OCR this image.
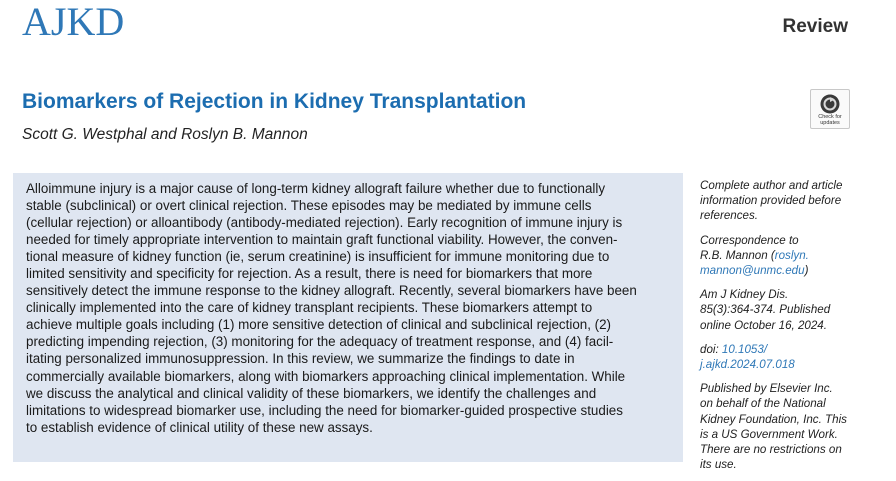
AJKD	Review
Biomarkers of Rejection in Kidney Transplantation
Scott G. Westphal and Roslyn B. Mannon
Check for
updates
Alloimmune injury is a major cause of long-term kidney allograft failure whether due to functionally
stable (subclinical) or overt clinical rejection. These episodes may be mediated by immune cells
(cellular rejection) or alloantibody (antibody-mediated rejection). Early recognition of immune injury is
needed for timely appropriate intervention to maintain graft functional viability. However, the conven-
tional measure of kidney function (ie, serum creatinine) is insufficient for immune monitoring due to
limited sensitivity and specificity for rejection. As a result, there is need for biomarkers that more
sensitively detect the immune response to the kidney allograft. Recently, several biomarkers have been
clinically implemented into the care of kidney transplant recipients. These biomarkers attempt to
achieve multiple goals including (1) more sensitive detection of clinical and subclinical rejection, (2)
predicting impending rejection, (3) monitoring for the adequacy of treatment response, and (4) facil-
itating personalized immunosuppression. In this review, we summarize the findings to date in
commercially available biomarkers, along with biomarkers approaching clinical implementation. While
we discuss the analytical and clinical validity of these biomarkers, we identify the challenges and
limitations to widespread biomarker use, including the need for biomarker-guided prospective studies
to establish evidence of clinical utility of these new assays.
Complete author and article
information provided before
references.
Correspondence to
R.B. Mannon (roslyn.
mannon@unmc.edu)
Am J Kidney Dis.
85(3):364-374. Published
online October 16, 2024.
doi: 10.1053/
j.ajkd.2024.07.018
Published by Elsevier Inc.
on behalf of the National
Kidney Foundation, Inc. This
is a US Government Work.
There are no restrictions on
its use.
